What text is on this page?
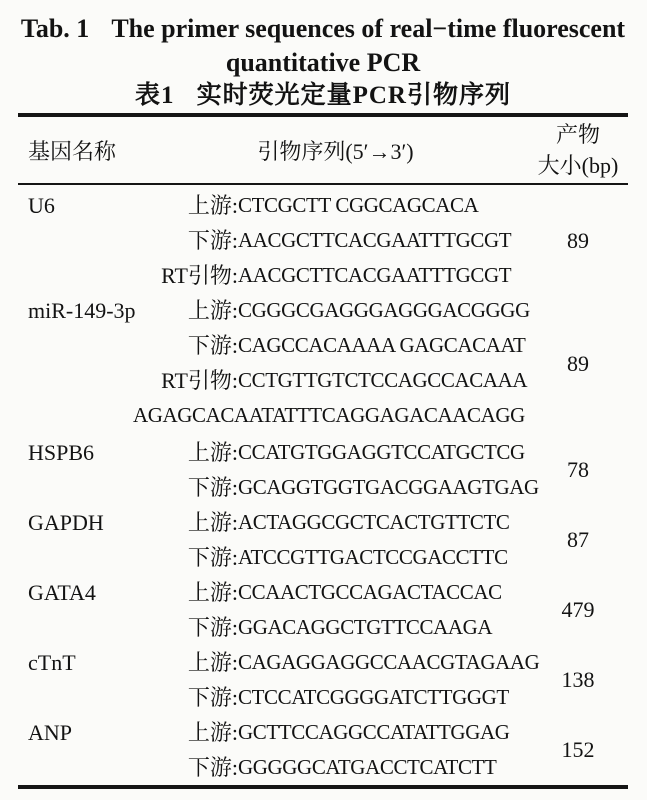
Tab. 1 The primer sequences of real−time fluorescent
quantitative PCR
表1 实时荧光定量PCR引物序列
基因名称	引物序列(5′→3′)
产物
大小(bp)
U6	上游: CTCGCTT CGGCAGCACA
下游: AACGCTTCACGAATTTGCGT
RT引物: AACGCTTCACGAATTTGCGT
89
miR-149-3p	上游: CGGGCGAGGGAGGGACGGGG
下游: CAGCCACAAAA GAGCACAAT
RT引物: CCTGTTGTCTCCAGCCACAAA
AGAGCACAATATTTCAGGAGACAACAGG
89
HSPB6	上游: CCATGTGGAGGTCCATGCTCG
下游: GCAGGTGGTGACGGAAGTGAG
78
GAPDH	上游: ACTAGGCGCTCACTGTTCTC
下游: ATCCGTTGACTCCGACCTTC
87
GATA4	上游: CCAACTGCCAGACTACCAC
下游: GGACAGGCTGTTCCAAGA
479
cTnT	上游: CAGAGGAGGCCAACGTAGAAG
下游: CTCCATCGGGGATCTTGGGT
138
ANP	上游: GCTTCCAGGCCATATTGGAG
下游: GGGGGCATGACCTCATCTT
152
